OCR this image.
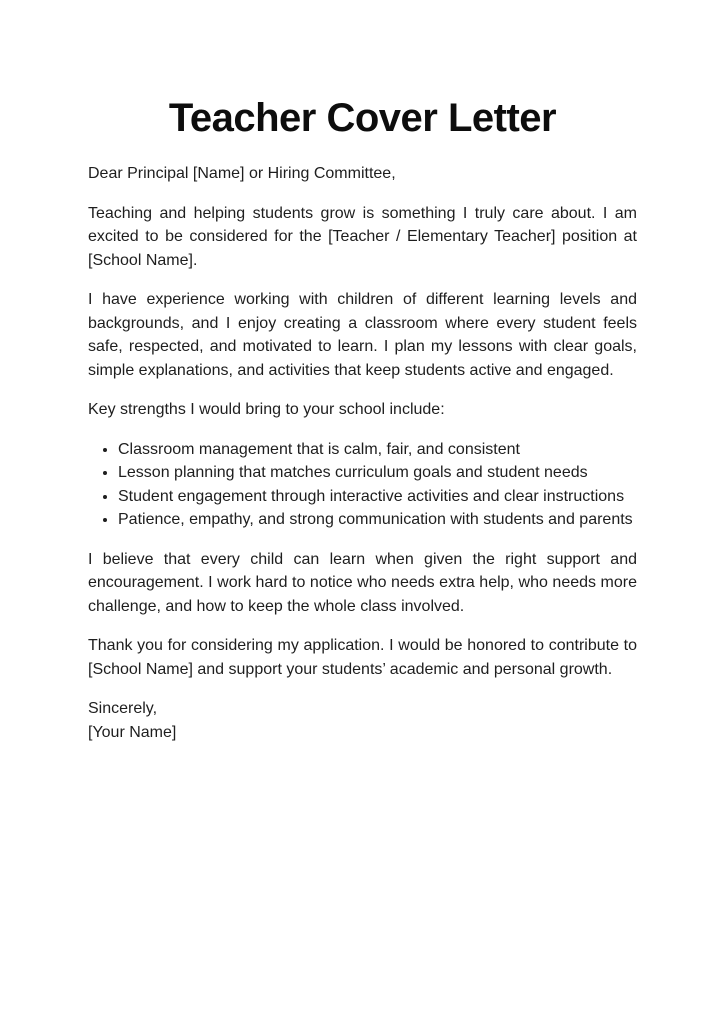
Teacher Cover Letter

Dear Principal [Name] or Hiring Committee,

Teaching and helping students grow is something I truly care about. I am excited to be considered for the [Teacher / Elementary Teacher] position at [School Name].

I have experience working with children of different learning levels and backgrounds, and I enjoy creating a classroom where every student feels safe, respected, and motivated to learn. I plan my lessons with clear goals, simple explanations, and activities that keep students active and engaged.

Key strengths I would bring to your school include:

• Classroom management that is calm, fair, and consistent
• Lesson planning that matches curriculum goals and student needs
• Student engagement through interactive activities and clear instructions
• Patience, empathy, and strong communication with students and parents

I believe that every child can learn when given the right support and encouragement. I work hard to notice who needs extra help, who needs more challenge, and how to keep the whole class involved.

Thank you for considering my application. I would be honored to contribute to [School Name] and support your students’ academic and personal growth.

Sincerely,
[Your Name]
